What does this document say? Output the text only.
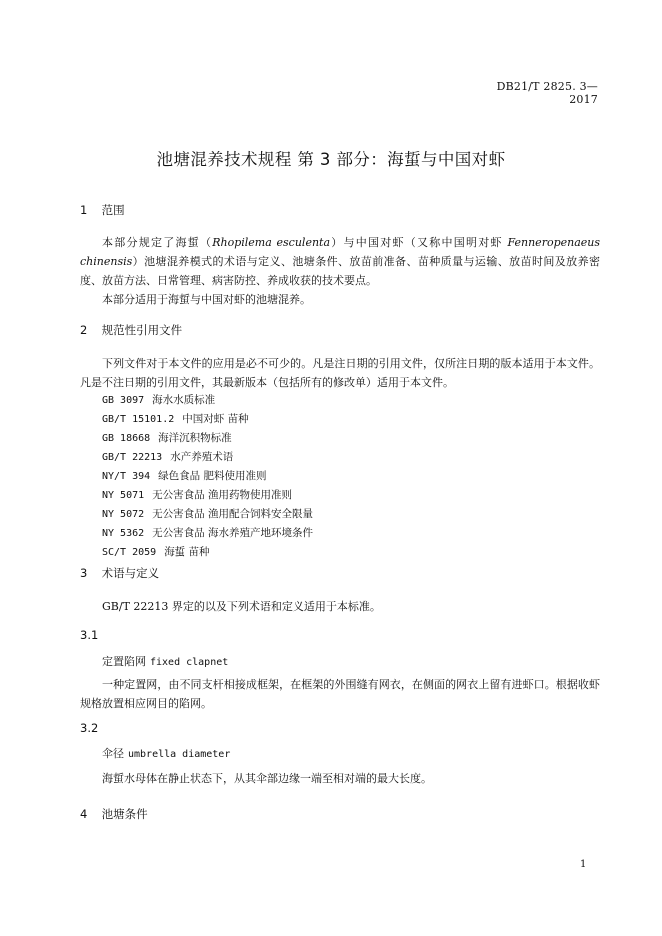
DB21/T 2825. 3—2017
池塘混养技术规程 第 3 部分：海蜇与中国对虾
1 范围

本部分规定了海蜇（Rhopilema esculenta）与中国对虾（又称中国明对虾 Fenneropenaeus chinensis）池塘混养模式的术语与定义、池塘条件、放苗前准备、苗种质量与运输、放苗时间及放养密度、放苗方法、日常管理、病害防控、养成收获的技术要点。

本部分适用于海蜇与中国对虾的池塘混养。

2 规范性引用文件

下列文件对于本文件的应用是必不可少的。凡是注日期的引用文件，仅所注日期的版本适用于本文件。凡是不注日期的引用文件，其最新版本（包括所有的修改单）适用于本文件。

GB 3097 海水水质标准
GB/T 15101.2 中国对虾 苗种
GB 18668 海洋沉积物标准
GB/T 22213 水产养殖术语
NY/T 394 绿色食品 肥料使用准则
NY 5071 无公害食品 渔用药物使用准则
NY 5072 无公害食品 渔用配合饲料安全限量
NY 5362 无公害食品 海水养殖产地环境条件
SC/T 2059 海蜇 苗种
3 术语与定义

GB/T 22213 界定的以及下列术语和定义适用于本标准。

3.1
定置陷网 fixed clapnet

一种定置网，由不同支杆相接成框架，在框架的外围缝有网衣，在侧面的网衣上留有进虾口。根据收虾规格放置相应网目的陷网。

3.2
伞径 umbrella diameter

海蜇水母体在静止状态下，从其伞部边缘一端至相对端的最大长度。

4 池塘条件
1
